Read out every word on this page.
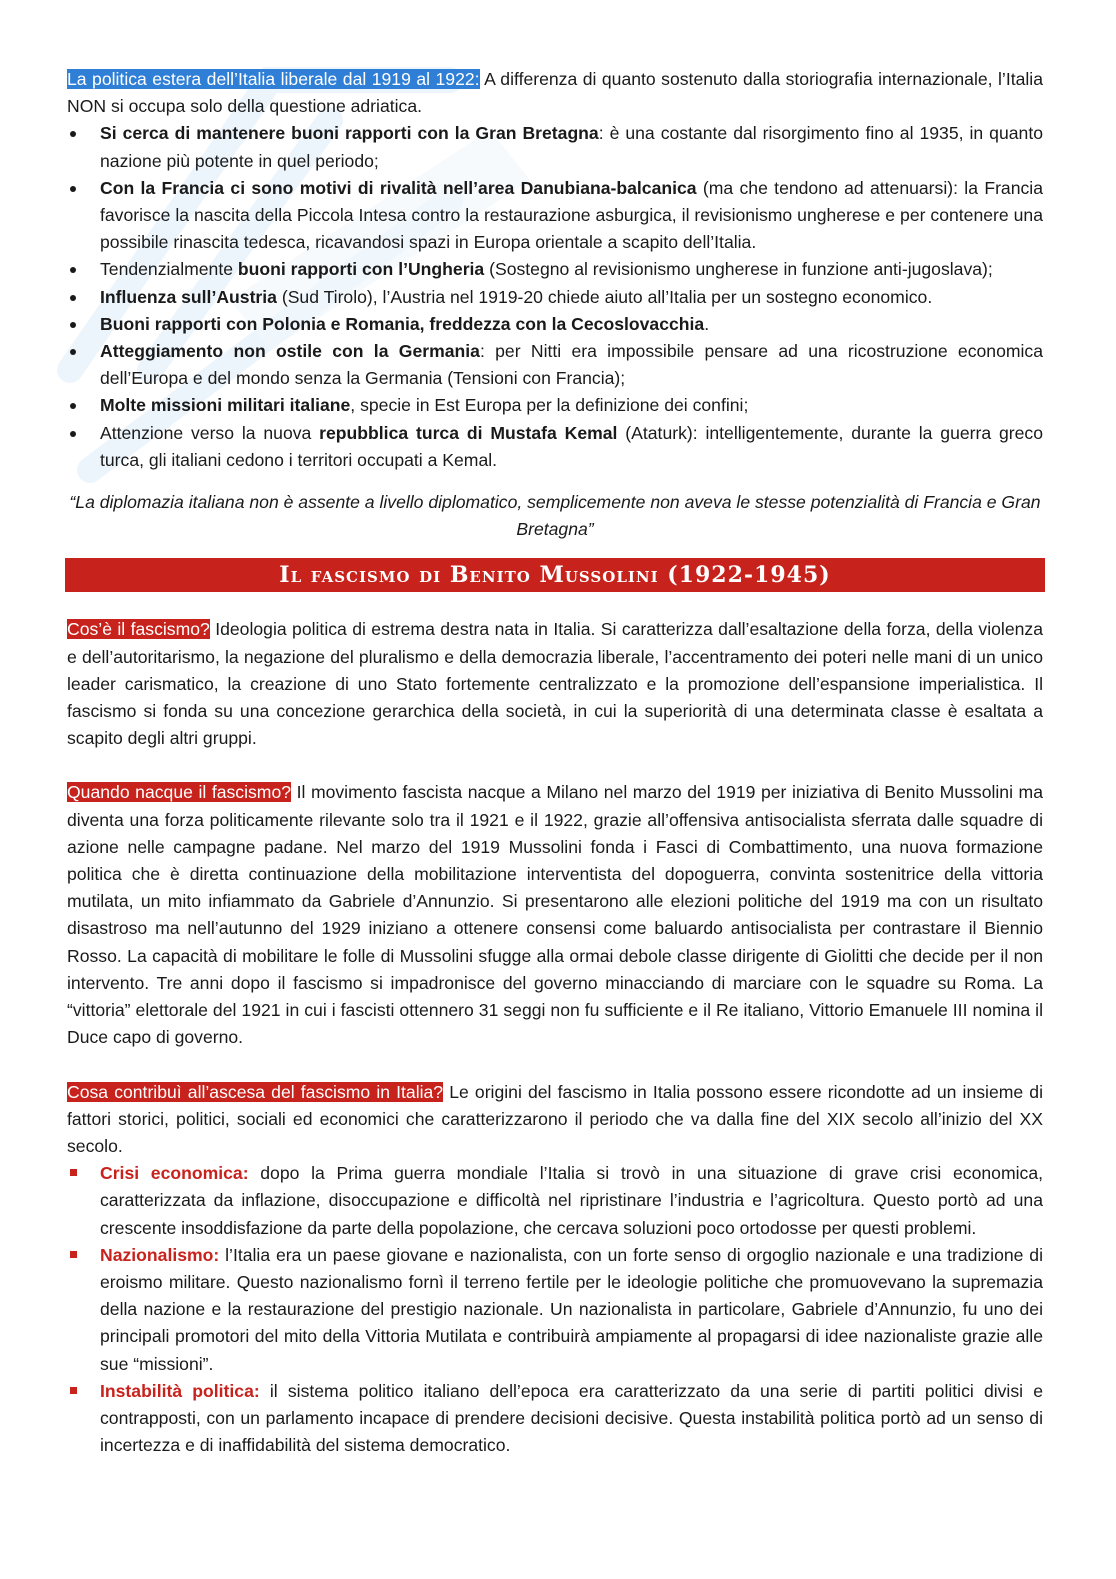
La politica estera dell’Italia liberale dal 1919 al 1922: A differenza di quanto sostenuto dalla storiografia internazionale, l’Italia NON si occupa solo della questione adriatica.

Si cerca di mantenere buoni rapporti con la Gran Bretagna: è una costante dal risorgimento fino al 1935, in quanto nazione più potente in quel periodo;
Con la Francia ci sono motivi di rivalità nell’area Danubiana-balcanica (ma che tendono ad attenuarsi): la Francia favorisce la nascita della Piccola Intesa contro la restaurazione asburgica, il revisionismo ungherese e per contenere una possibile rinascita tedesca, ricavandosi spazi in Europa orientale a scapito dell’Italia.
Tendenzialmente buoni rapporti con l’Ungheria (Sostegno al revisionismo ungherese in funzione anti-jugoslava);
Influenza sull’Austria (Sud Tirolo), l’Austria nel 1919-20 chiede aiuto all’Italia per un sostegno economico.
Buoni rapporti con Polonia e Romania, freddezza con la Cecoslovacchia.
Atteggiamento non ostile con la Germania: per Nitti era impossibile pensare ad una ricostruzione economica dell’Europa e del mondo senza la Germania (Tensioni con Francia);
Molte missioni militari italiane, specie in Est Europa per la definizione dei confini;
Attenzione verso la nuova repubblica turca di Mustafa Kemal (Ataturk): intelligentemente, durante la guerra greco turca, gli italiani cedono i territori occupati a Kemal.

“La diplomazia italiana non è assente a livello diplomatico, semplicemente non aveva le stesse potenzialità di Francia e Gran Bretagna”

Il fascismo di Benito Mussolini (1922-1945)

Cos’è il fascismo? Ideologia politica di estrema destra nata in Italia. Si caratterizza dall’esaltazione della forza, della violenza e dell’autoritarismo, la negazione del pluralismo e della democrazia liberale, l’accentramento dei poteri nelle mani di un unico leader carismatico, la creazione di uno Stato fortemente centralizzato e la promozione dell’espansione imperialistica. Il fascismo si fonda su una concezione gerarchica della società, in cui la superiorità di una determinata classe è esaltata a scapito degli altri gruppi.

Quando nacque il fascismo? Il movimento fascista nacque a Milano nel marzo del 1919 per iniziativa di Benito Mussolini ma diventa una forza politicamente rilevante solo tra il 1921 e il 1922, grazie all’offensiva antisocialista sferrata dalle squadre di azione nelle campagne padane. Nel marzo del 1919 Mussolini fonda i Fasci di Combattimento, una nuova formazione politica che è diretta continuazione della mobilitazione interventista del dopoguerra, convinta sostenitrice della vittoria mutilata, un mito infiammato da Gabriele d’Annunzio. Si presentarono alle elezioni politiche del 1919 ma con un risultato disastroso ma nell’autunno del 1929 iniziano a ottenere consensi come baluardo antisocialista per contrastare il Biennio Rosso. La capacità di mobilitare le folle di Mussolini sfugge alla ormai debole classe dirigente di Giolitti che decide per il non intervento. Tre anni dopo il fascismo si impadronisce del governo minacciando di marciare con le squadre su Roma. La “vittoria” elettorale del 1921 in cui i fascisti ottennero 31 seggi non fu sufficiente e il Re italiano, Vittorio Emanuele III nomina il Duce capo di governo.

Cosa contribuì all’ascesa del fascismo in Italia? Le origini del fascismo in Italia possono essere ricondotte ad un insieme di fattori storici, politici, sociali ed economici che caratterizzarono il periodo che va dalla fine del XIX secolo all’inizio del XX secolo.

Crisi economica: dopo la Prima guerra mondiale l’Italia si trovò in una situazione di grave crisi economica, caratterizzata da inflazione, disoccupazione e difficoltà nel ripristinare l’industria e l’agricoltura. Questo portò ad una crescente insoddisfazione da parte della popolazione, che cercava soluzioni poco ortodosse per questi problemi.
Nazionalismo: l’Italia era un paese giovane e nazionalista, con un forte senso di orgoglio nazionale e una tradizione di eroismo militare. Questo nazionalismo fornì il terreno fertile per le ideologie politiche che promuovevano la supremazia della nazione e la restaurazione del prestigio nazionale. Un nazionalista in particolare, Gabriele d’Annunzio, fu uno dei principali promotori del mito della Vittoria Mutilata e contribuirà ampiamente al propagarsi di idee nazionaliste grazie alle sue “missioni”.
Instabilità politica: il sistema politico italiano dell’epoca era caratterizzato da una serie di partiti politici divisi e contrapposti, con un parlamento incapace di prendere decisioni decisive. Questa instabilità politica portò ad un senso di incertezza e di inaffidabilità del sistema democratico.
